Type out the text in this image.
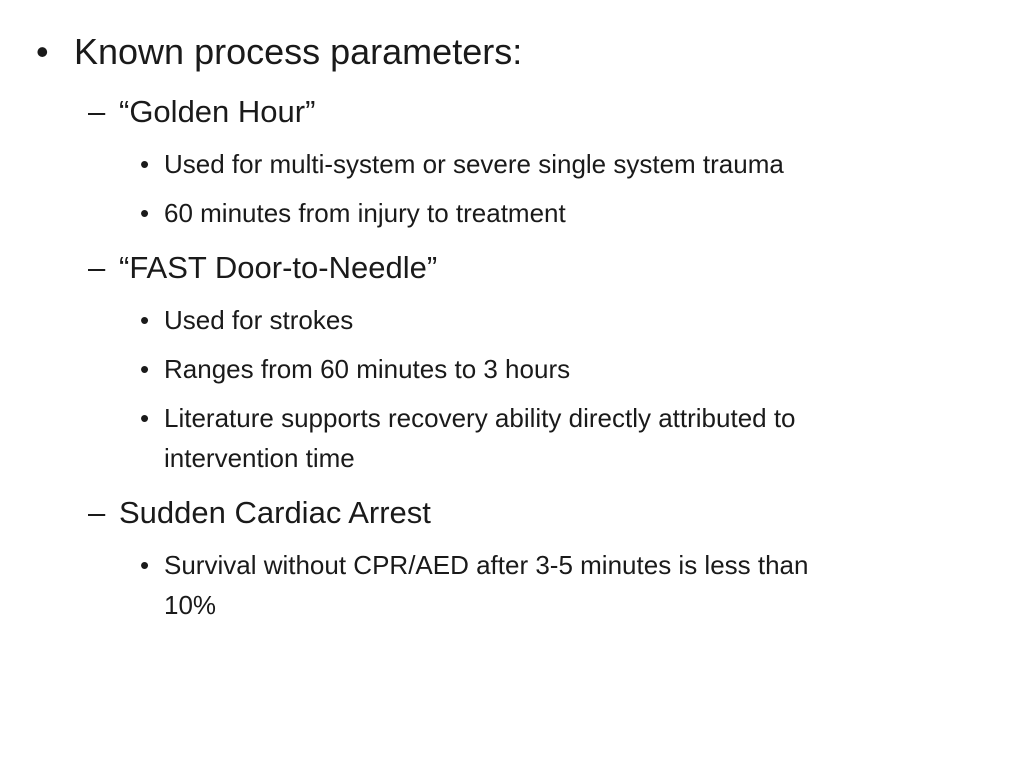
• Known process parameters:
– “Golden Hour”
• Used for multi-system or severe single system trauma
• 60 minutes from injury to treatment
– “FAST Door-to-Needle”
• Used for strokes
• Ranges from 60 minutes to 3 hours
• Literature supports recovery ability directly attributed to
intervention time
– Sudden Cardiac Arrest
• Survival without CPR/AED after 3-5 minutes is less than
10%
